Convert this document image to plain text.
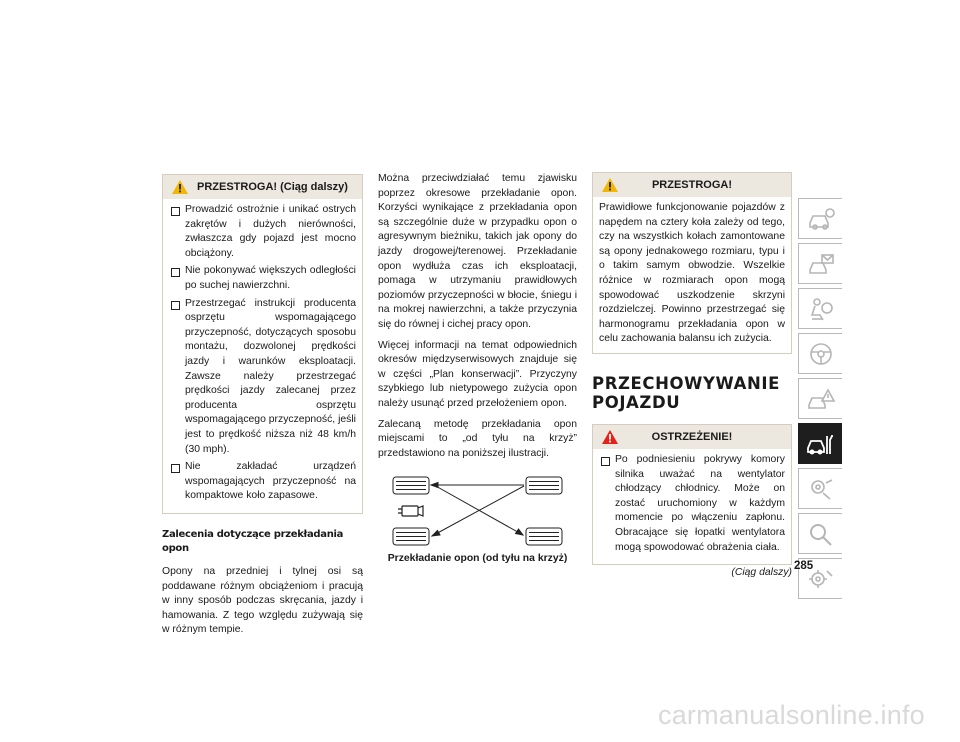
PRZESTROGA! (Ciąg dalszy)
Prowadzić ostrożnie i unikać ostrych zakrętów i dużych nierówności, zwłaszcza gdy pojazd jest mocno obciążony.
Nie pokonywać większych odległości po suchej nawierzchni.
Przestrzegać instrukcji producenta osprzętu wspomagającego przyczepność, dotyczących sposobu montażu, dozwolonej prędkości jazdy i warunków eksploatacji. Zawsze należy przestrzegać prędkości jazdy zalecanej przez producenta osprzętu wspomagającego przyczepność, jeśli jest to prędkość niższa niż 48 km/h (30 mph).
Nie zakładać urządzeń wspomagających przyczepność na kompaktowe koło zapasowe.
Zalecenia dotyczące przekładania opon

Opony na przedniej i tylnej osi są poddawane różnym obciążeniom i pracują w inny sposób podczas skręcania, jazdy i hamowania. Z tego względu zużywają się w różnym tempie.

Można przeciwdziałać temu zjawisku poprzez okresowe przekładanie opon. Korzyści wynikające z przekładania opon są szczególnie duże w przypadku opon o agresywnym bieżniku, takich jak opony do jazdy drogowej/terenowej. Przekładanie opon wydłuża czas ich eksploatacji, pomaga w utrzymaniu prawidłowych poziomów przyczepności w błocie, śniegu i na mokrej nawierzchni, a także przyczynia się do równej i cichej pracy opon.

Więcej informacji na temat odpowiednich okresów międzyserwisowych znajduje się w części „Plan konserwacji”. Przyczyny szybkiego lub nietypowego zużycia opon należy usunąć przed przełożeniem opon.

Zalecaną metodę przekładania opon miejscami to „od tyłu na krzyż” przedstawiono na poniższej ilustracji.

Przekładanie opon (od tyłu na krzyż)
PRZESTROGA!

Prawidłowe funkcjonowanie pojazdów z napędem na cztery koła zależy od tego, czy na wszystkich kołach zamontowane są opony jednakowego rozmiaru, typu i o takim samym obwodzie. Wszelkie różnice w rozmiarach opon mogą spowodować uszkodzenie skrzyni rozdzielczej. Powinno przestrzegać się harmonogramu przekładania opon w celu zachowania balansu ich zużycia.

PRZECHOWYWANIE
POJAZDU
OSTRZEŻENIE!
Po podniesieniu pokrywy komory silnika uważać na wentylator chłodzący chłodnicy. Może on zostać uruchomiony w każdym momencie po włączeniu zapłonu. Obracające się łopatki wentylatora mogą spowodować obrażenia ciała.
(Ciąg dalszy)
285
carmanualsonline.info
